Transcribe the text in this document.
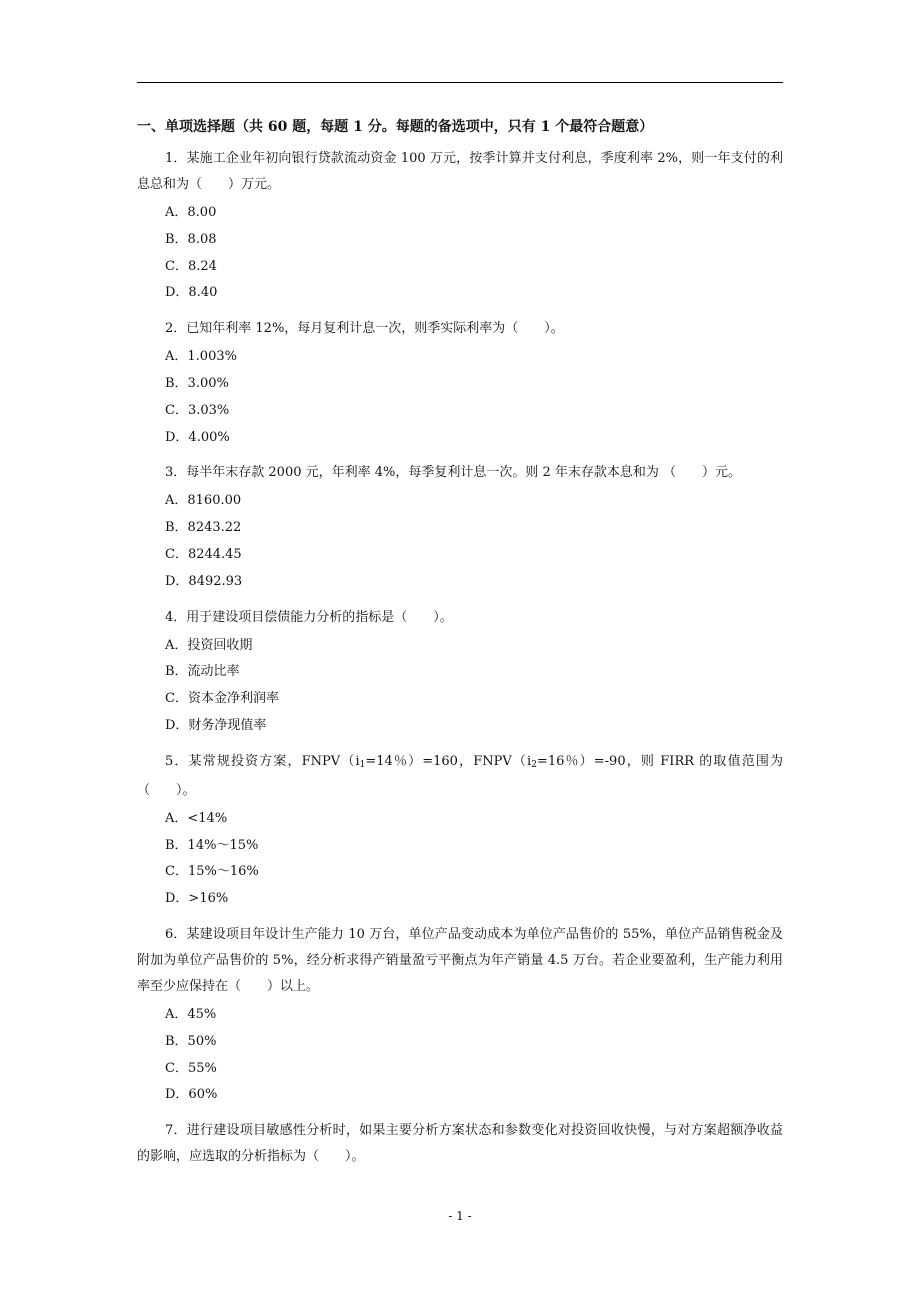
一、单项选择题（共 60 题，每题 1 分。每题的备选项中，只有 1 个最符合题意）
1．某施工企业年初向银行贷款流动资金 100 万元，按季计算并支付利息，季度利率 2%，则一年支付的利息总和为（　　）万元。
A．8.00
B．8.08
C．8.24
D．8.40
2．已知年利率 12%，每月复利计息一次，则季实际利率为（　　）。
A．1.003%
B．3.00%
C．3.03%
D．4.00%
3．每半年末存款 2000 元，年利率 4%，每季复利计息一次。则 2 年末存款本息和为 （　　）元。
A．8160.00
B．8243.22
C．8244.45
D．8492.93
4．用于建设项目偿债能力分析的指标是（　　）。
A．投资回收期
B．流动比率
C．资本金净利润率
D．财务净现值率
5．某常规投资方案，$FNPV(i_1=14$％）=160，$FNPV(i_2=16$％）=-90，则 FIRR 的取值范围为（　　）。
A．<14%
B．14%～15%
C．15%～16%
D．>16%
6．某建设项目年设计生产能力 10 万台，单位产品变动成本为单位产品售价的 55%，单位产品销售税金及附加为单位产品售价的 5%，经分析求得产销量盈亏平衡点为年产销量 4.5 万台。若企业要盈利，生产能力利用率至少应保持在（　　）以上。
A．45%
B．50%
C．55%
D．60%
7．进行建设项目敏感性分析时，如果主要分析方案状态和参数变化对投资回收快慢，与对方案超额净收益的影响，应选取的分析指标为（　　）。
- 1 -
